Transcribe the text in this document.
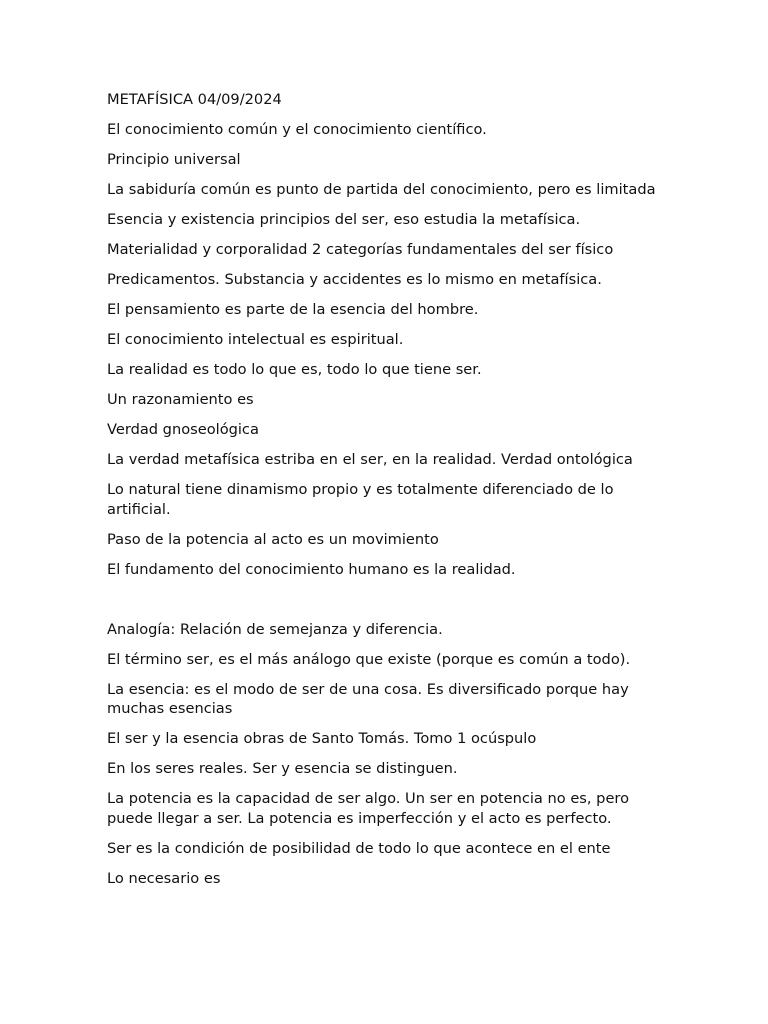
METAFÍSICA 04/09/2024

El conocimiento común y el conocimiento científico.

Principio universal

La sabiduría común es punto de partida del conocimiento, pero es limitada

Esencia y existencia principios del ser, eso estudia la metafísica.

Materialidad y corporalidad 2 categorías fundamentales del ser físico

Predicamentos. Substancia y accidentes es lo mismo en metafísica.

El pensamiento es parte de la esencia del hombre.

El conocimiento intelectual es espiritual.

La realidad es todo lo que es, todo lo que tiene ser.

Un razonamiento es

Verdad gnoseológica

La verdad metafísica estriba en el ser, en la realidad. Verdad ontológica

Lo natural tiene dinamismo propio y es totalmente diferenciado de lo artificial.

Paso de la potencia al acto es un movimiento

El fundamento del conocimiento humano es la realidad.

Analogía: Relación de semejanza y diferencia.

El término ser, es el más análogo que existe (porque es común a todo).

La esencia: es el modo de ser de una cosa. Es diversificado porque hay muchas esencias

El ser y la esencia obras de Santo Tomás. Tomo 1 ocúspulo

En los seres reales. Ser y esencia se distinguen.

La potencia es la capacidad de ser algo. Un ser en potencia no es, pero puede llegar a ser. La potencia es imperfección y el acto es perfecto.

Ser es la condición de posibilidad de todo lo que acontece en el ente

Lo necesario es
